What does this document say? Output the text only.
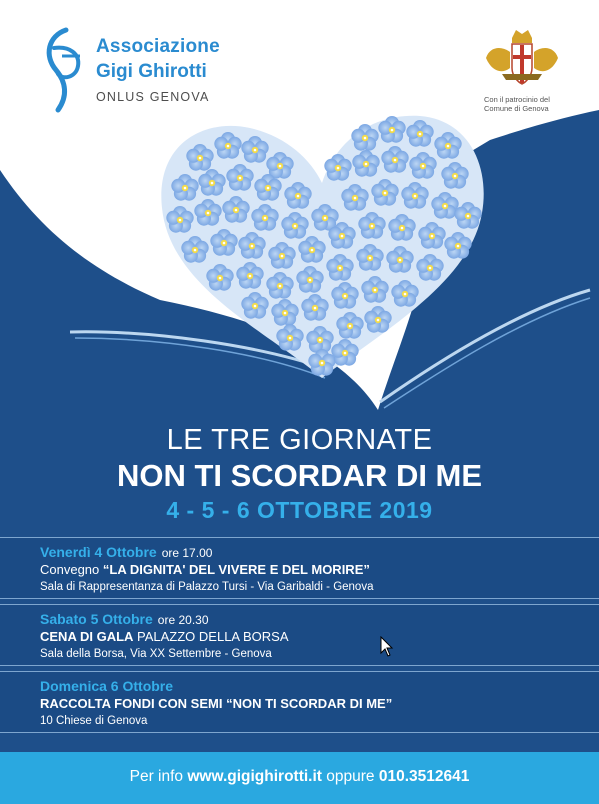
Associazione
Gigi Ghirotti
ONLUS GENOVA	Con il patrocinio del
Comune di Genova
LE TRE GIORNATE
NON TI SCORDAR DI ME
4 - 5 - 6 OTTOBRE 2019
Venerdì 4 Ottobre ore 17.00
Convegno “LA DIGNITA' DEL VIVERE E DEL MORIRE”
Sala di Rappresentanza di Palazzo Tursi - Via Garibaldi - Genova
Sabato 5 Ottobre ore 20.30
CENA DI GALA PALAZZO DELLA BORSA
Sala della Borsa, Via XX Settembre - Genova
Domenica 6 Ottobre
RACCOLTA FONDI CON SEMI “NON TI SCORDAR DI ME”
10 Chiese di Genova
Per info www.gigighirotti.it oppure 010.3512641
